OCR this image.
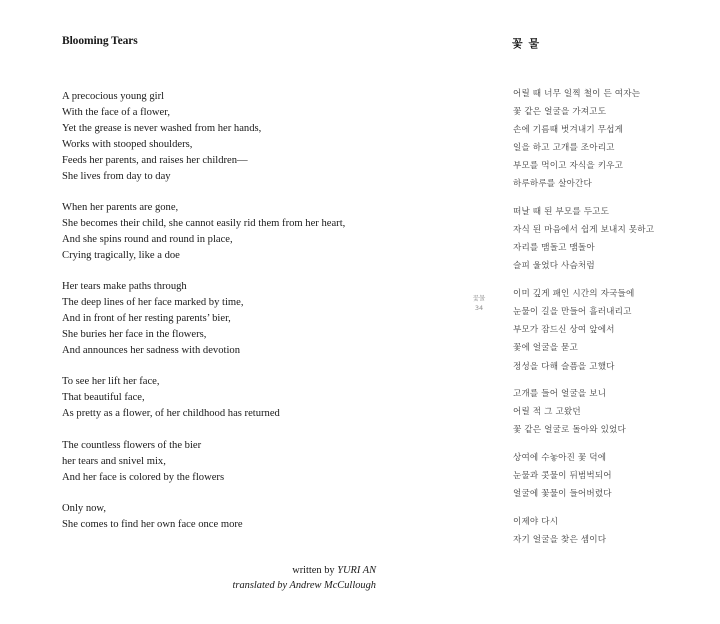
Blooming Tears	꽃 물
A precocious young girl
With the face of a flower,
Yet the grease is never washed from her hands,
Works with stooped shoulders,
Feeds her parents, and raises her children—
She lives from day to day
When her parents are gone,
She becomes their child, she cannot easily rid them from her heart,
And she spins round and round in place,
Crying tragically, like a doe
Her tears make paths through
The deep lines of her face marked by time,
And in front of her resting parents’ bier,
She buries her face in the flowers,
And announces her sadness with devotion
To see her lift her face,
That beautiful face,
As pretty as a flower, of her childhood has returned
The countless flowers of the bier
her tears and snivel mix,
And her face is colored by the flowers
Only now,
She comes to find her own face once more
어릴 때 너무 일찍 철이 든 여자는
꽃 같은 얼굴을 가져고도
손에 기름때 벗겨내기 무섭게
일을 하고 고개를 조아리고
부모를 먹이고 자식을 키우고
하루하루를 살아간다
떠날 때 된 부모를 두고도
자식 된 마음에서 쉽게 보내지 못하고
자리를 맴돌고 맴돌아
슬피 울었다 사슴처럼
이미 깊게 패인 시간의 자국들에
눈물이 길을 만들어 흘러내리고
부모가 잠드신 상여 앞에서
꽃에 얼굴을 묻고
정성을 다해 슬픔을 고했다
고개를 들어 얼굴을 보니
어릴 적 그 고왔던
꽃 같은 얼굴로 돌아와 있었다
상여에 수놓아진 꽃 덕에
눈물과 콧물이 뒤범벅되어
얼굴에 꽃물이 들어버렸다
이제야 다시
자기 얼굴을 찾은 셈이다
꽃물
34
written by YURI AN
translated by Andrew McCullough
